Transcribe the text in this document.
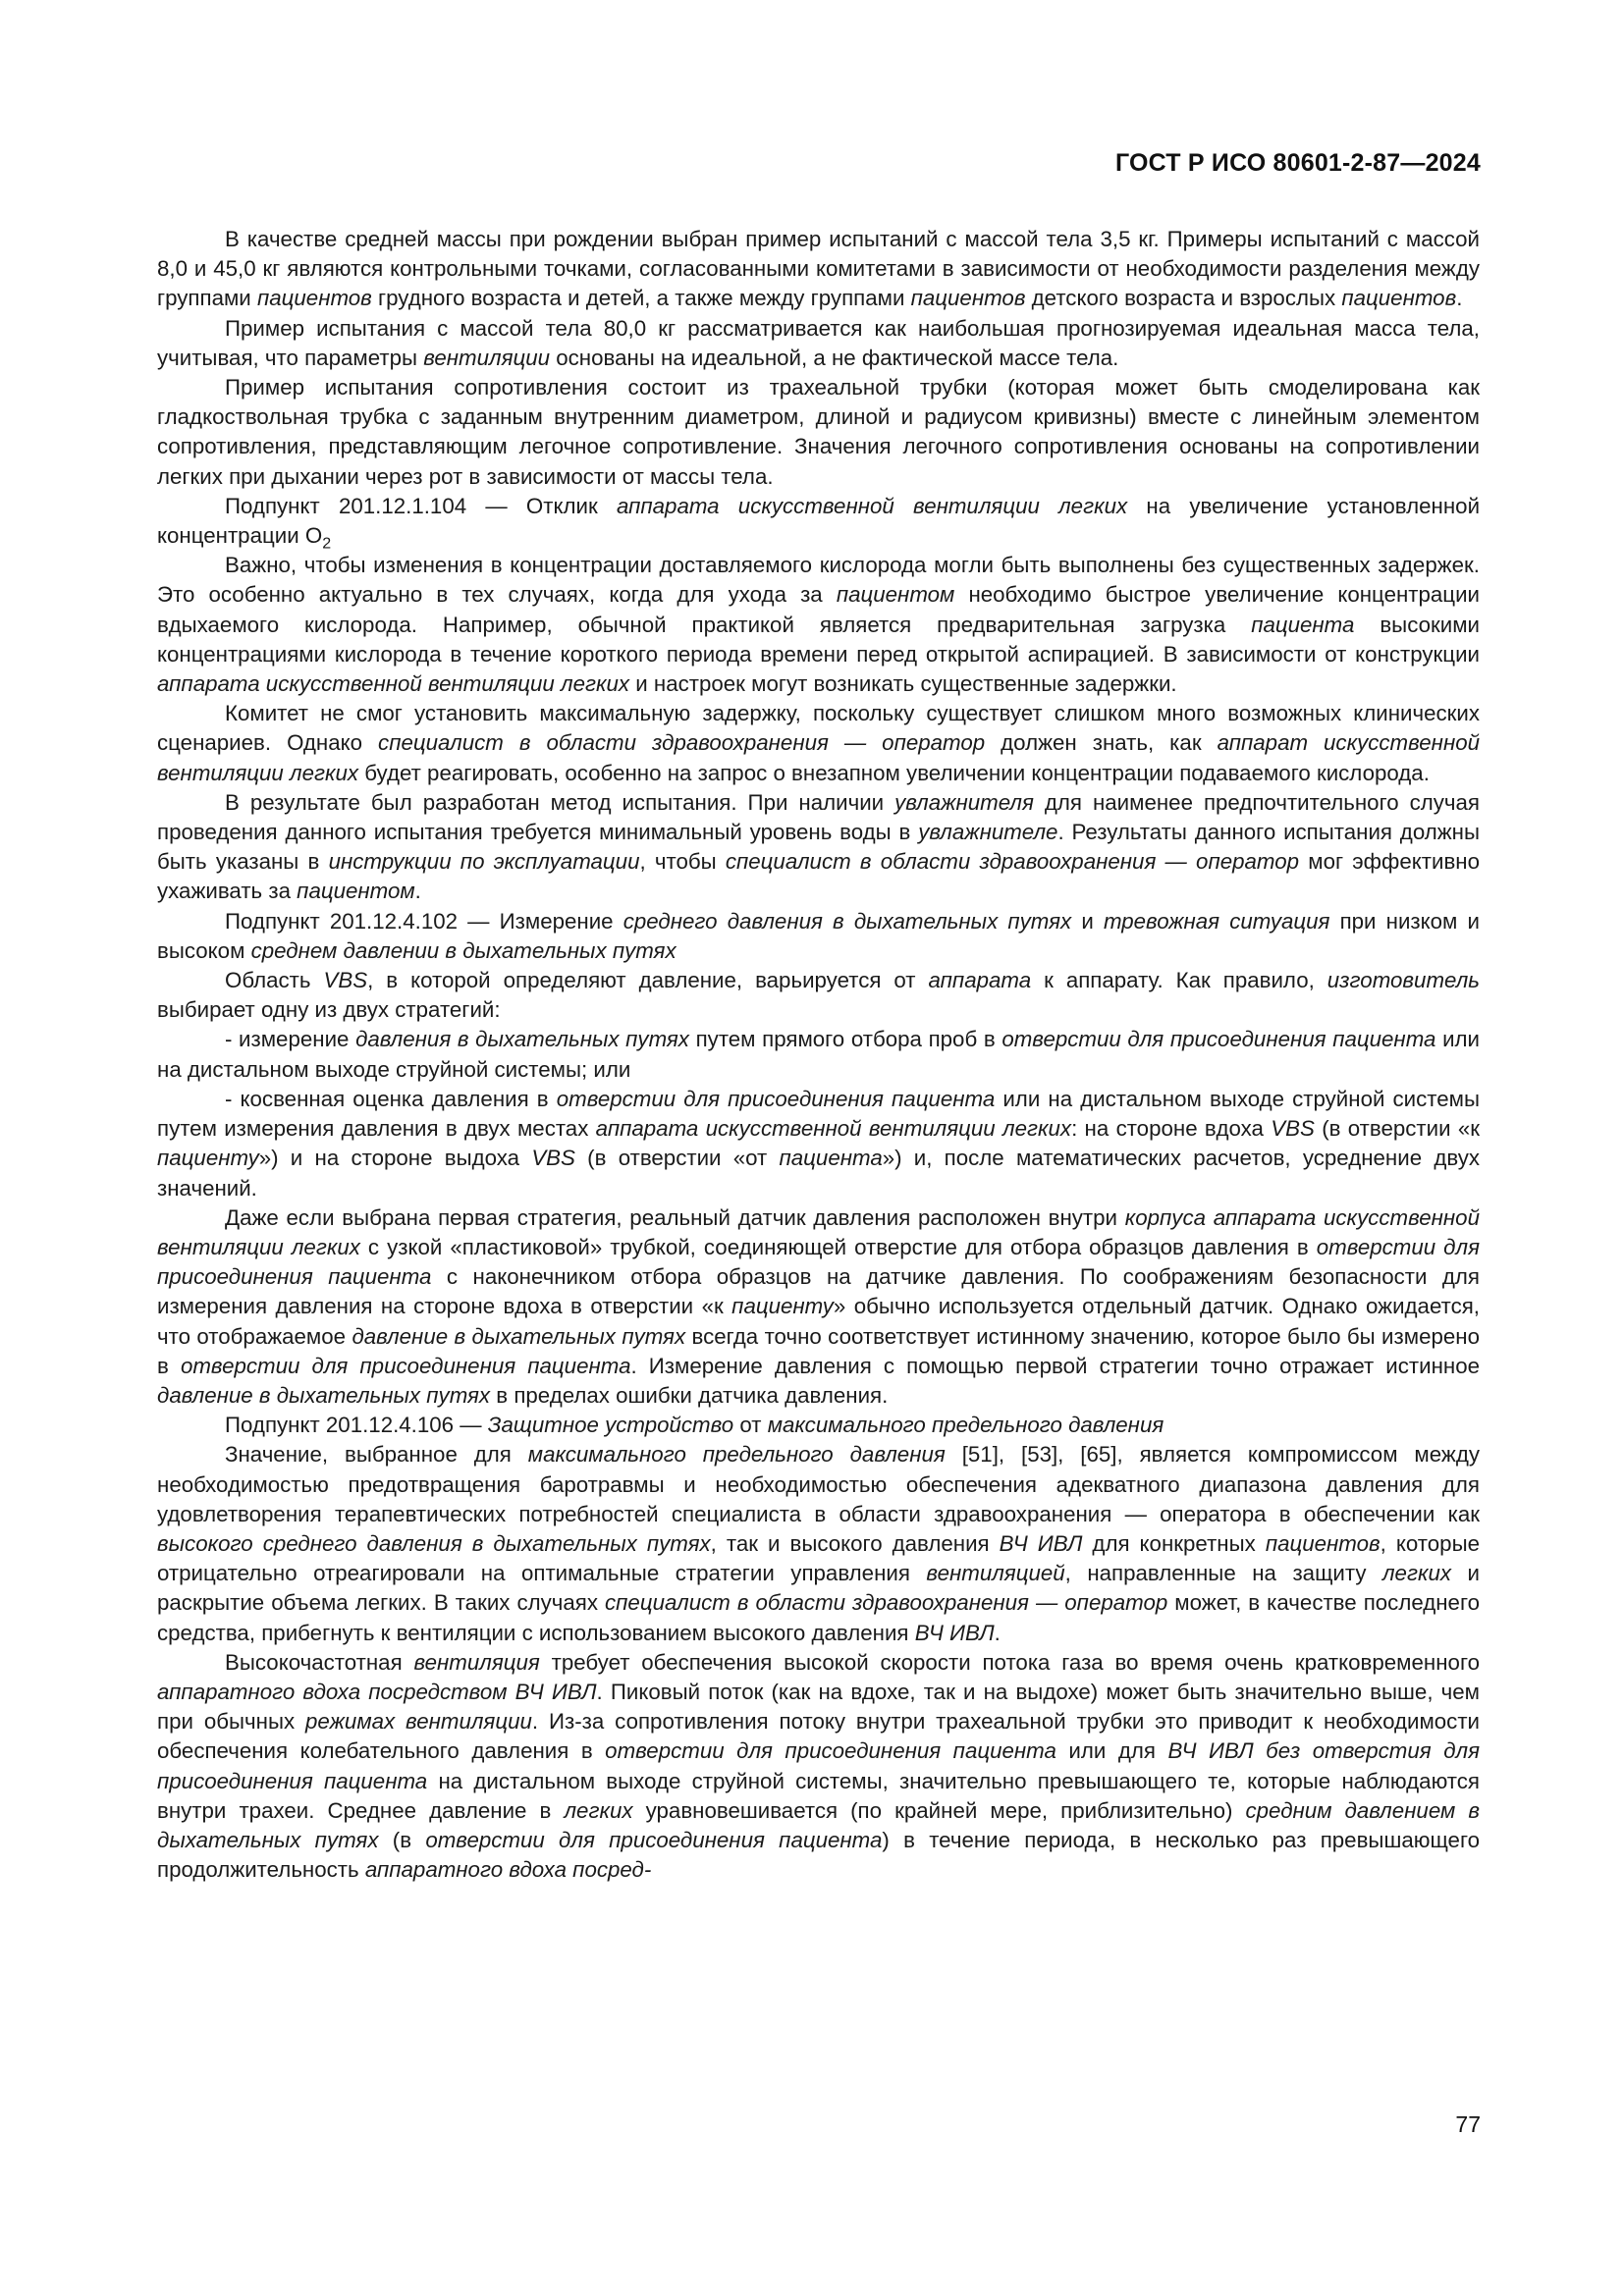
ГОСТ Р ИСО 80601-2-87—2024

В качестве средней массы при рождении выбран пример испытаний с массой тела 3,5 кг. Примеры испытаний с массой 8,0 и 45,0 кг являются контрольными точками, согласованными комитетами в зависимости от необходимости разделения между группами пациентов грудного возраста и детей, а также между группами пациентов детского возраста и взрослых пациентов.

Пример испытания с массой тела 80,0 кг рассматривается как наибольшая прогнозируемая идеальная масса тела, учитывая, что параметры вентиляции основаны на идеальной, а не фактической массе тела.

Пример испытания сопротивления состоит из трахеальной трубки (которая может быть смоделирована как гладкоствольная трубка с заданным внутренним диаметром, длиной и радиусом кривизны) вместе с линейным элементом сопротивления, представляющим легочное сопротивление. Значения легочного сопротивления основаны на сопротивлении легких при дыхании через рот в зависимости от массы тела.

Подпункт 201.12.1.104 — Отклик аппарата искусственной вентиляции легких на увеличение установленной концентрации $O_2$

Важно, чтобы изменения в концентрации доставляемого кислорода могли быть выполнены без существенных задержек. Это особенно актуально в тех случаях, когда для ухода за пациентом необходимо быстрое увеличение концентрации вдыхаемого кислорода. Например, обычной практикой является предварительная загрузка пациента высокими концентрациями кислорода в течение короткого периода времени перед открытой аспирацией. В зависимости от конструкции аппарата искусственной вентиляции легких и настроек могут возникать существенные задержки.

Комитет не смог установить максимальную задержку, поскольку существует слишком много возможных клинических сценариев. Однако специалист в области здравоохранения — оператор должен знать, как аппарат искусственной вентиляции легких будет реагировать, особенно на запрос о внезапном увеличении концентрации подаваемого кислорода.

В результате был разработан метод испытания. При наличии увлажнителя для наименее предпочтительного случая проведения данного испытания требуется минимальный уровень воды в увлажнителе. Результаты данного испытания должны быть указаны в инструкции по эксплуатации, чтобы специалист в области здравоохранения — оператор мог эффективно ухаживать за пациентом.

Подпункт 201.12.4.102 — Измерение среднего давления в дыхательных путях и тревожная ситуация при низком и высоком среднем давлении в дыхательных путях

Область VBS, в которой определяют давление, варьируется от аппарата к аппарату. Как правило, изготовитель выбирает одну из двух стратегий:

- измерение давления в дыхательных путях путем прямого отбора проб в отверстии для присоединения пациента или на дистальном выходе струйной системы; или

- косвенная оценка давления в отверстии для присоединения пациента или на дистальном выходе струйной системы путем измерения давления в двух местах аппарата искусственной вентиляции легких: на стороне вдоха VBS (в отверстии «к пациенту») и на стороне выдоха VBS (в отверстии «от пациента») и, после математических расчетов, усреднение двух значений.

Даже если выбрана первая стратегия, реальный датчик давления расположен внутри корпуса аппарата искусственной вентиляции легких с узкой «пластиковой» трубкой, соединяющей отверстие для отбора образцов давления в отверстии для присоединения пациента с наконечником отбора образцов на датчике давления. По соображениям безопасности для измерения давления на стороне вдоха в отверстии «к пациенту» обычно используется отдельный датчик. Однако ожидается, что отображаемое давление в дыхательных путях всегда точно соответствует истинному значению, которое было бы измерено в отверстии для присоединения пациента. Измерение давления с помощью первой стратегии точно отражает истинное давление в дыхательных путях в пределах ошибки датчика давления.

Подпункт 201.12.4.106 — Защитное устройство от максимального предельного давления

Значение, выбранное для максимального предельного давления [51], [53], [65], является компромиссом между необходимостью предотвращения баротравмы и необходимостью обеспечения адекватного диапазона давления для удовлетворения терапевтических потребностей специалиста в области здравоохранения — оператора в обеспечении как высокого среднего давления в дыхательных путях, так и высокого давления ВЧ ИВЛ для конкретных пациентов, которые отрицательно отреагировали на оптимальные стратегии управления вентиляцией, направленные на защиту легких и раскрытие объема легких. В таких случаях специалист в области здравоохранения — оператор может, в качестве последнего средства, прибегнуть к вентиляции с использованием высокого давления ВЧ ИВЛ.

Высокочастотная вентиляция требует обеспечения высокой скорости потока газа во время очень кратковременного аппаратного вдоха посредством ВЧ ИВЛ. Пиковый поток (как на вдохе, так и на выдохе) может быть значительно выше, чем при обычных режимах вентиляции. Из-за сопротивления потоку внутри трахеальной трубки это приводит к необходимости обеспечения колебательного давления в отверстии для присоединения пациента или для ВЧ ИВЛ без отверстия для присоединения пациента на дистальном выходе струйной системы, значительно превышающего те, которые наблюдаются внутри трахеи. Среднее давление в легких уравновешивается (по крайней мере, приблизительно) средним давлением в дыхательных путях (в отверстии для присоединения пациента) в течение периода, в несколько раз превышающего продолжительность аппаратного вдоха посред-

77
